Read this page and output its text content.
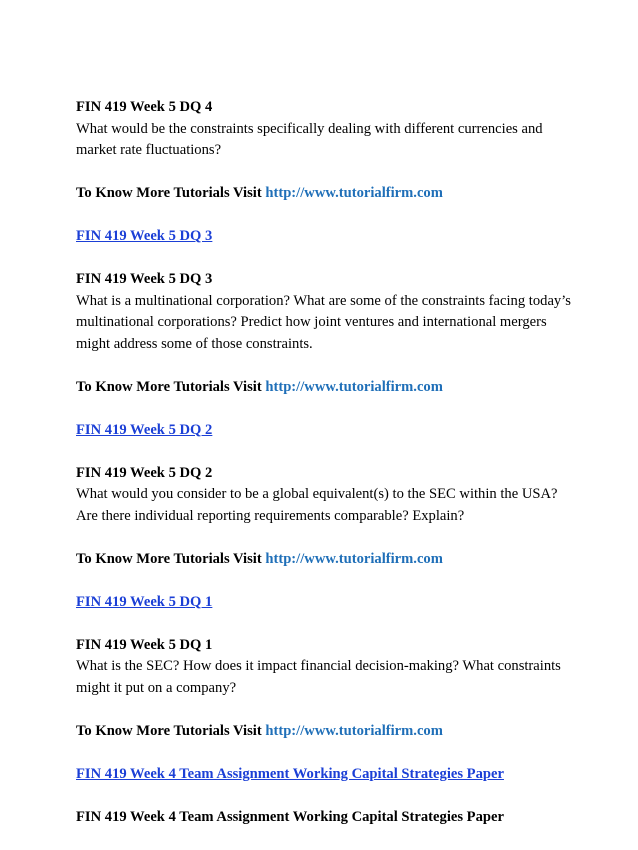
FIN 419 Week 5 DQ 4
What would be the constraints specifically dealing with different currencies and market rate fluctuations?
To Know More Tutorials Visit http://www.tutorialfirm.com
FIN 419 Week 5 DQ 3
FIN 419 Week 5 DQ 3
What is a multinational corporation? What are some of the constraints facing today’s multinational corporations? Predict how joint ventures and international mergers might address some of those constraints.
To Know More Tutorials Visit http://www.tutorialfirm.com
FIN 419 Week 5 DQ 2
FIN 419 Week 5 DQ 2
What would you consider to be a global equivalent(s) to the SEC within the USA? Are there individual reporting requirements comparable? Explain?
To Know More Tutorials Visit http://www.tutorialfirm.com
FIN 419 Week 5 DQ 1
FIN 419 Week 5 DQ 1
What is the SEC? How does it impact financial decision-making? What constraints might it put on a company?
To Know More Tutorials Visit http://www.tutorialfirm.com
FIN 419 Week 4 Team Assignment Working Capital Strategies Paper
FIN 419 Week 4 Team Assignment Working Capital Strategies Paper
